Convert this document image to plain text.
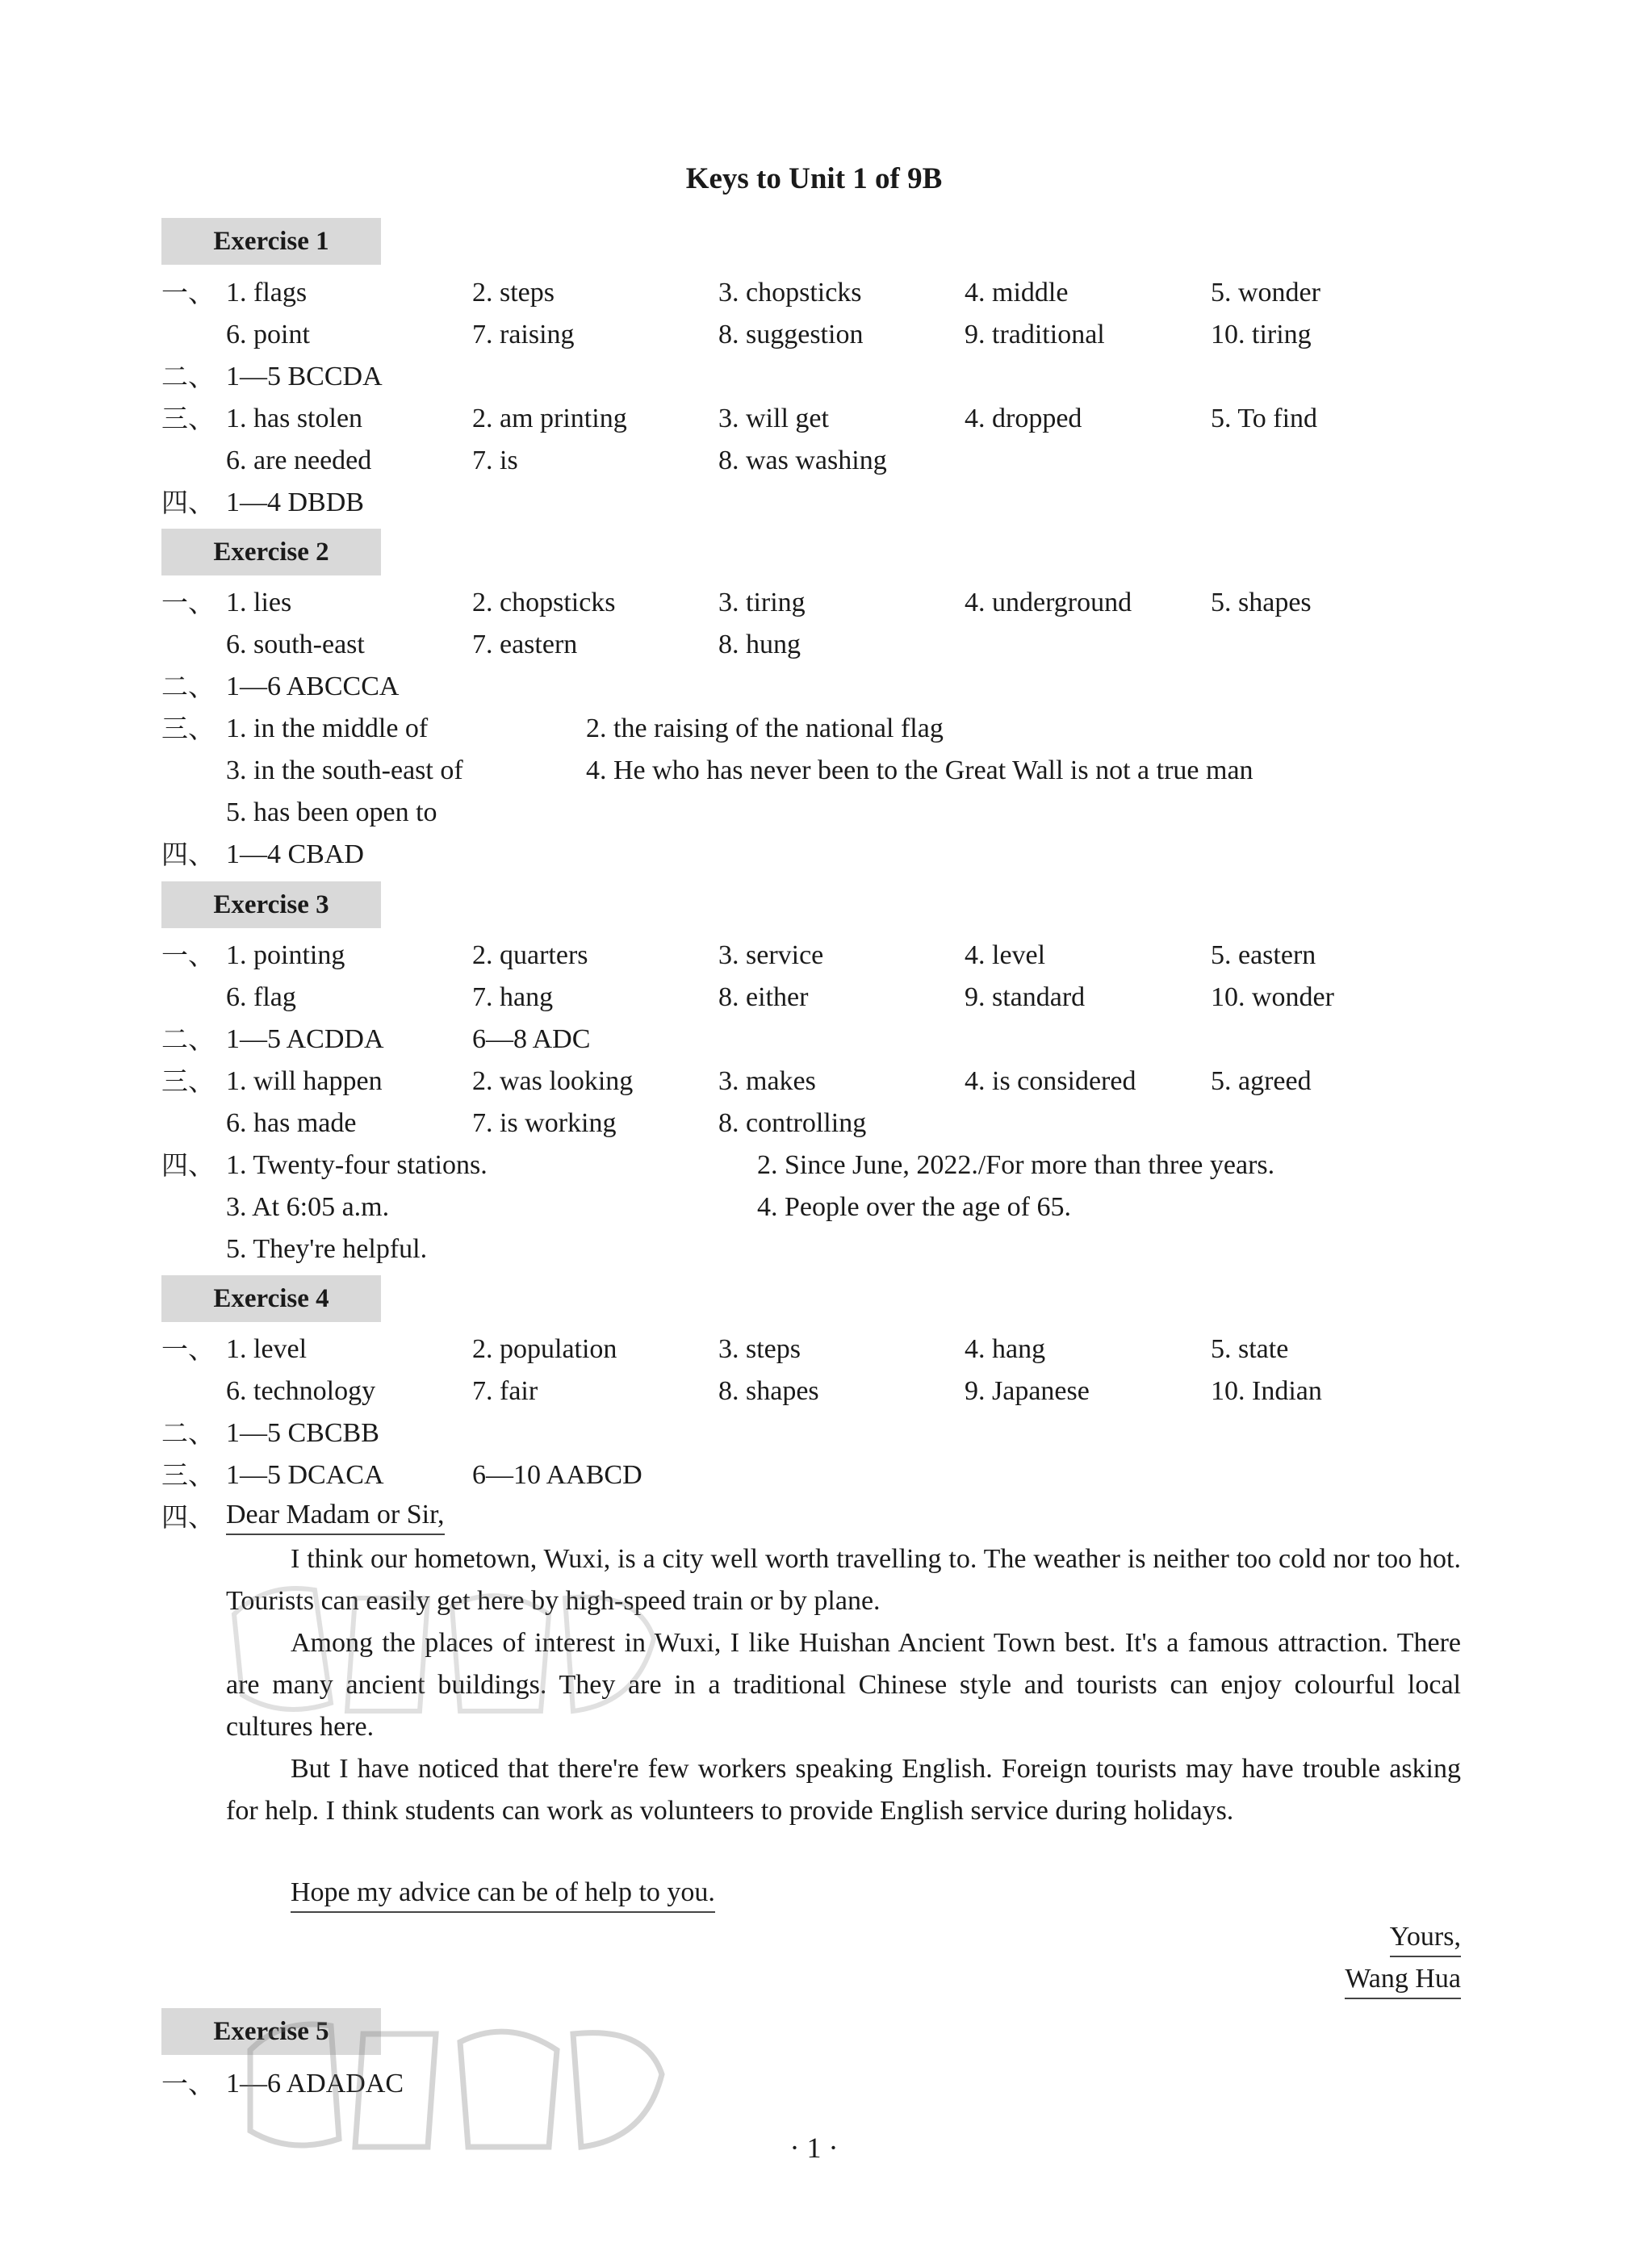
Keys to Unit 1 of 9B
Exercise 1
一、 1. flags	2. steps	3. chopsticks	4. middle	5. wonder
6. point	7. raising	8. suggestion	9. traditional	10. tiring
二、 1—5 BCCDA
三、 1. has stolen	2. am printing	3. will get	4. dropped	5. To find
6. are needed	7. is	8. was washing
四、 1—4 DBDB
Exercise 2
一、 1. lies	2. chopsticks	3. tiring	4. underground	5. shapes
6. south-east	7. eastern	8. hung
二、 1—6 ABCCCA
三、 1. in the middle of	2. the raising of the national flag
3. in the south-east of	4. He who has never been to the Great Wall is not a true man
5. has been open to
四、 1—4 CBAD
Exercise 3
一、 1. pointing	2. quarters	3. service	4. level	5. eastern
6. flag	7. hang	8. either	9. standard	10. wonder
二、 1—5 ACDDA	6—8 ADC
三、 1. will happen	2. was looking	3. makes	4. is considered	5. agreed
6. has made	7. is working	8. controlling
四、 1. Twenty-four stations.	2. Since June, 2022./For more than three years.
3. At 6:05 a.m.	4. People over the age of 65.
5. They're helpful.
Exercise 4
一、 1. level	2. population	3. steps	4. hang	5. state
6. technology	7. fair	8. shapes	9. Japanese	10. Indian
二、 1—5 CBCBB
三、 1—5 DCACA	6—10 AABCD
四、 Dear Madam or Sir,

I think our hometown, Wuxi, is a city well worth travelling to. The weather is neither too cold nor too hot. Tourists can easily get here by high-speed train or by plane.

Among the places of interest in Wuxi, I like Huishan Ancient Town best. It's a famous attraction. There are many ancient buildings. They are in a traditional Chinese style and tourists can enjoy colourful local cultures here.

But I have noticed that there're few workers speaking English. Foreign tourists may have trouble asking for help. I think students can work as volunteers to provide English service during holidays.

Hope my advice can be of help to you.
Yours,
Wang Hua
Exercise 5
一、 1—6 ADADAC
· 1 ·
